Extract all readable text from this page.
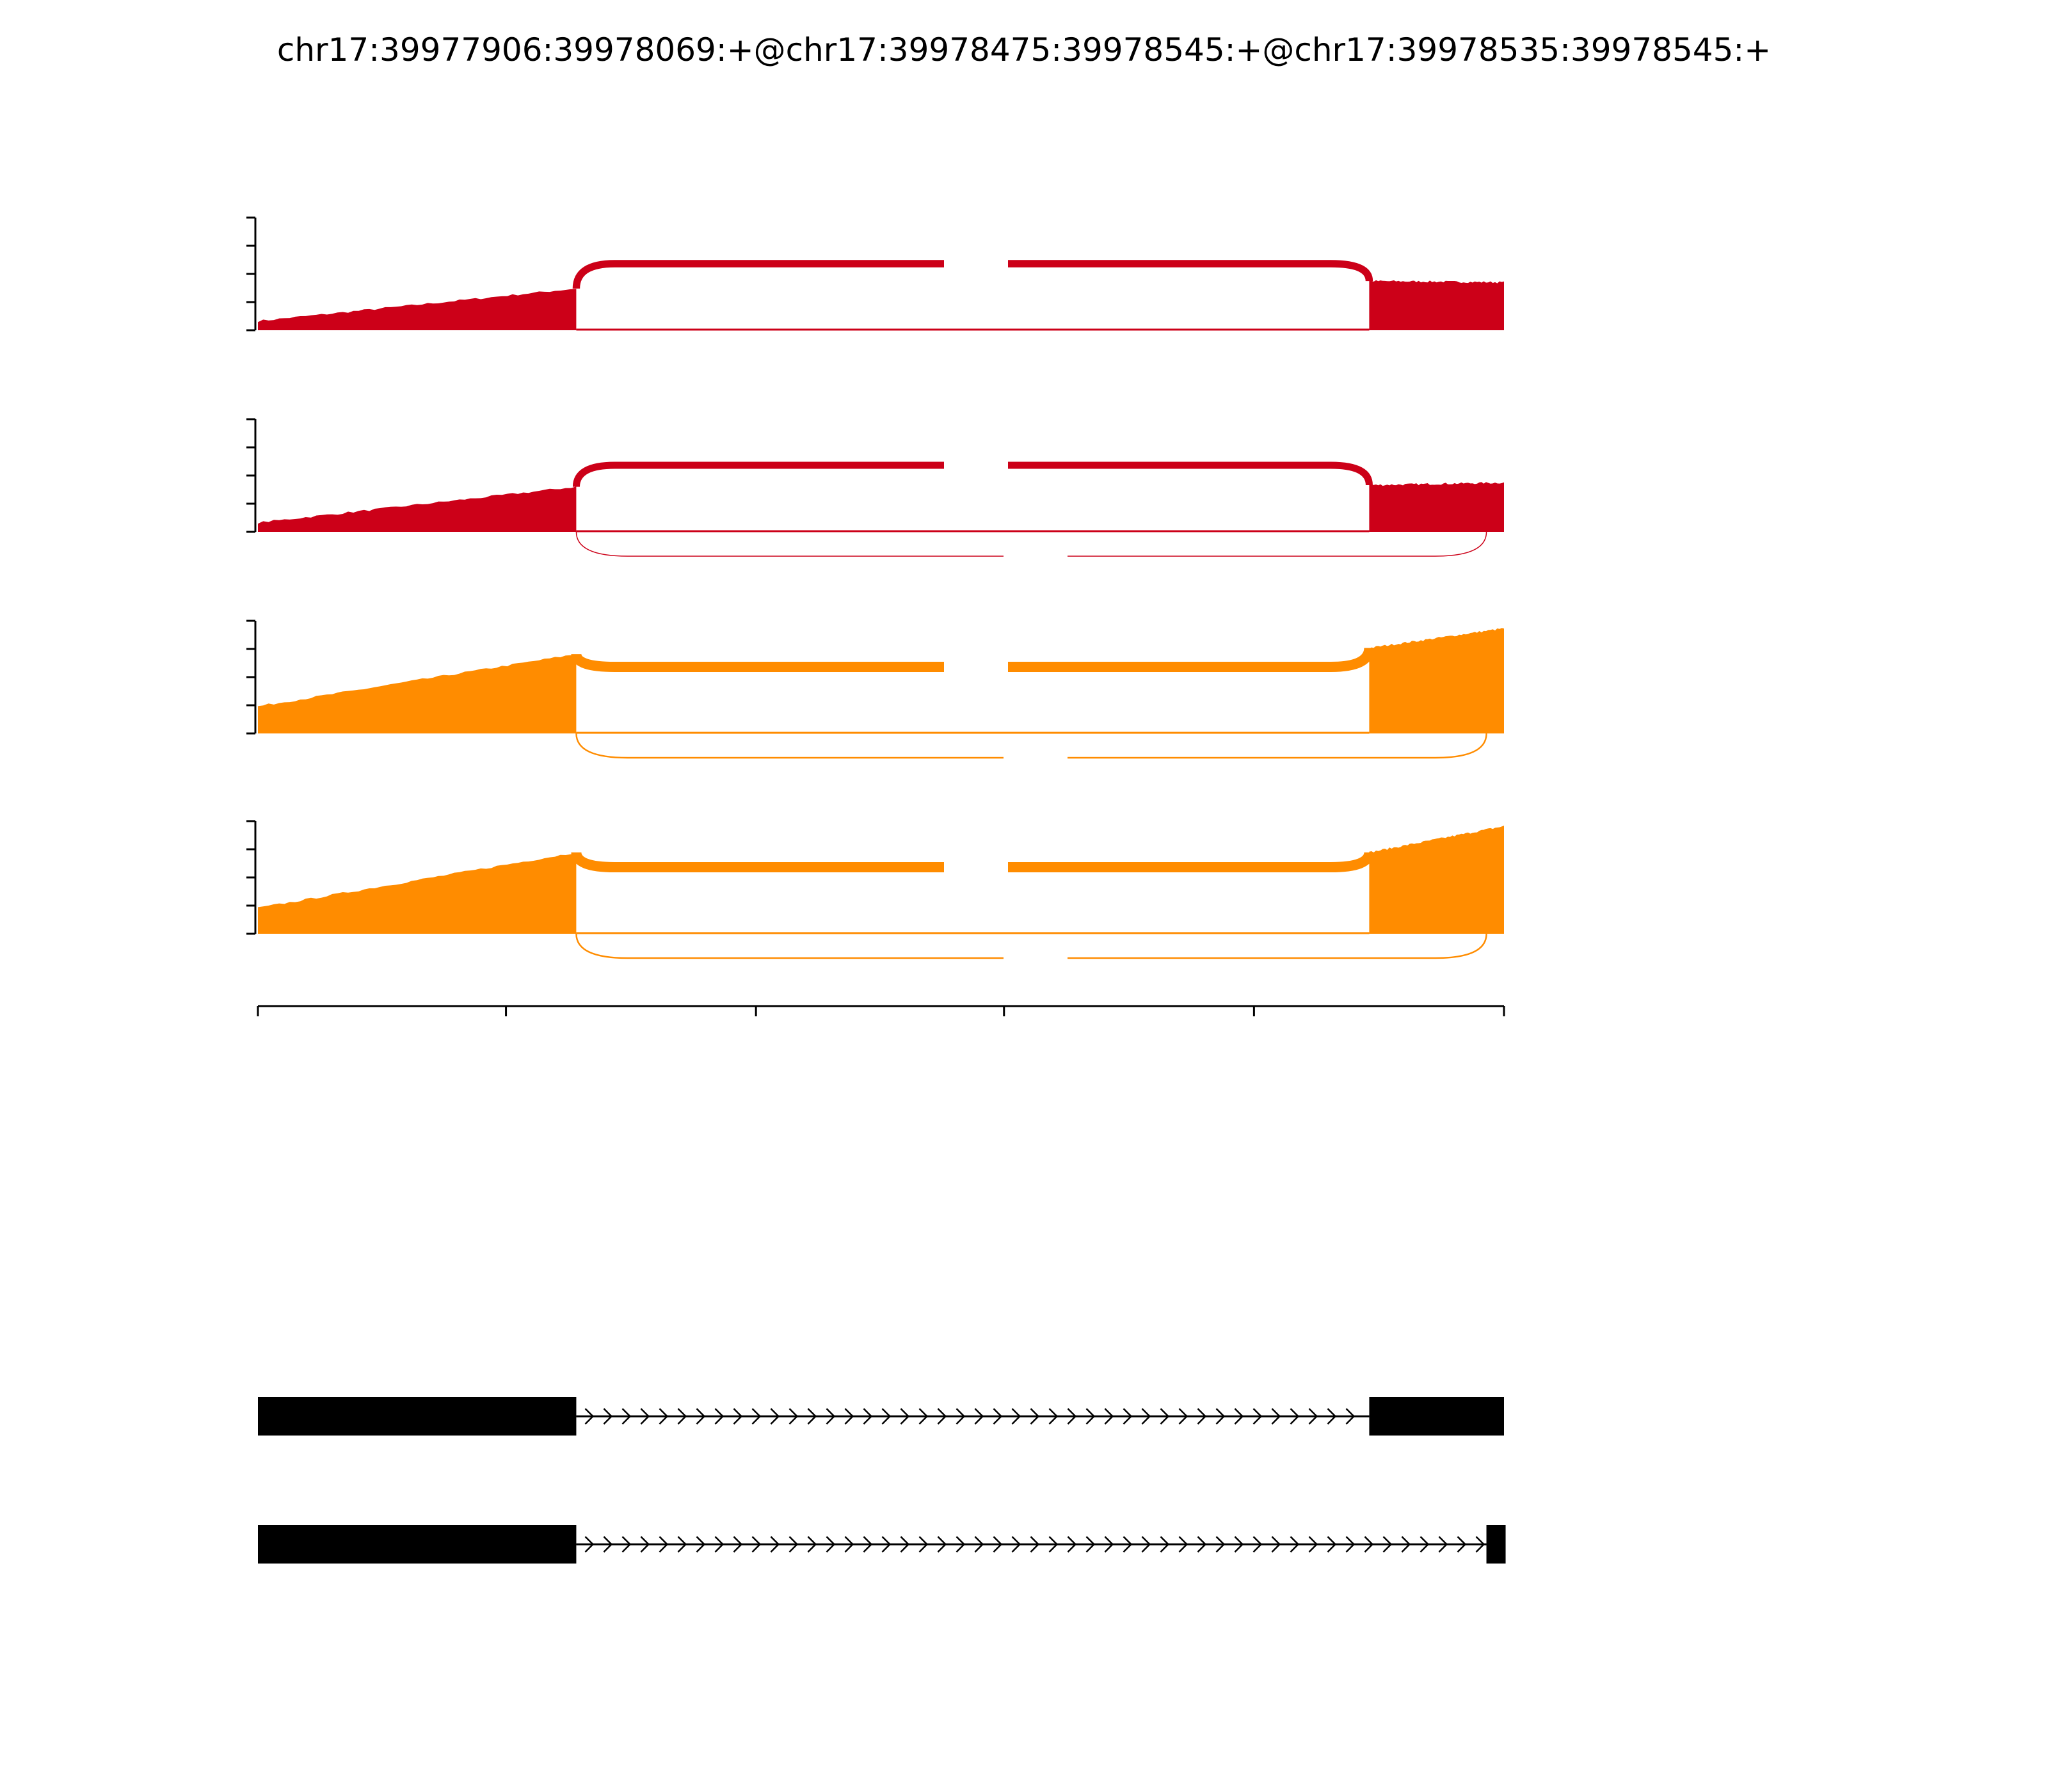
chr17:39977906:39978069:+@chr17:39978475:39978545:+@chr17:39978535:39978545:+
